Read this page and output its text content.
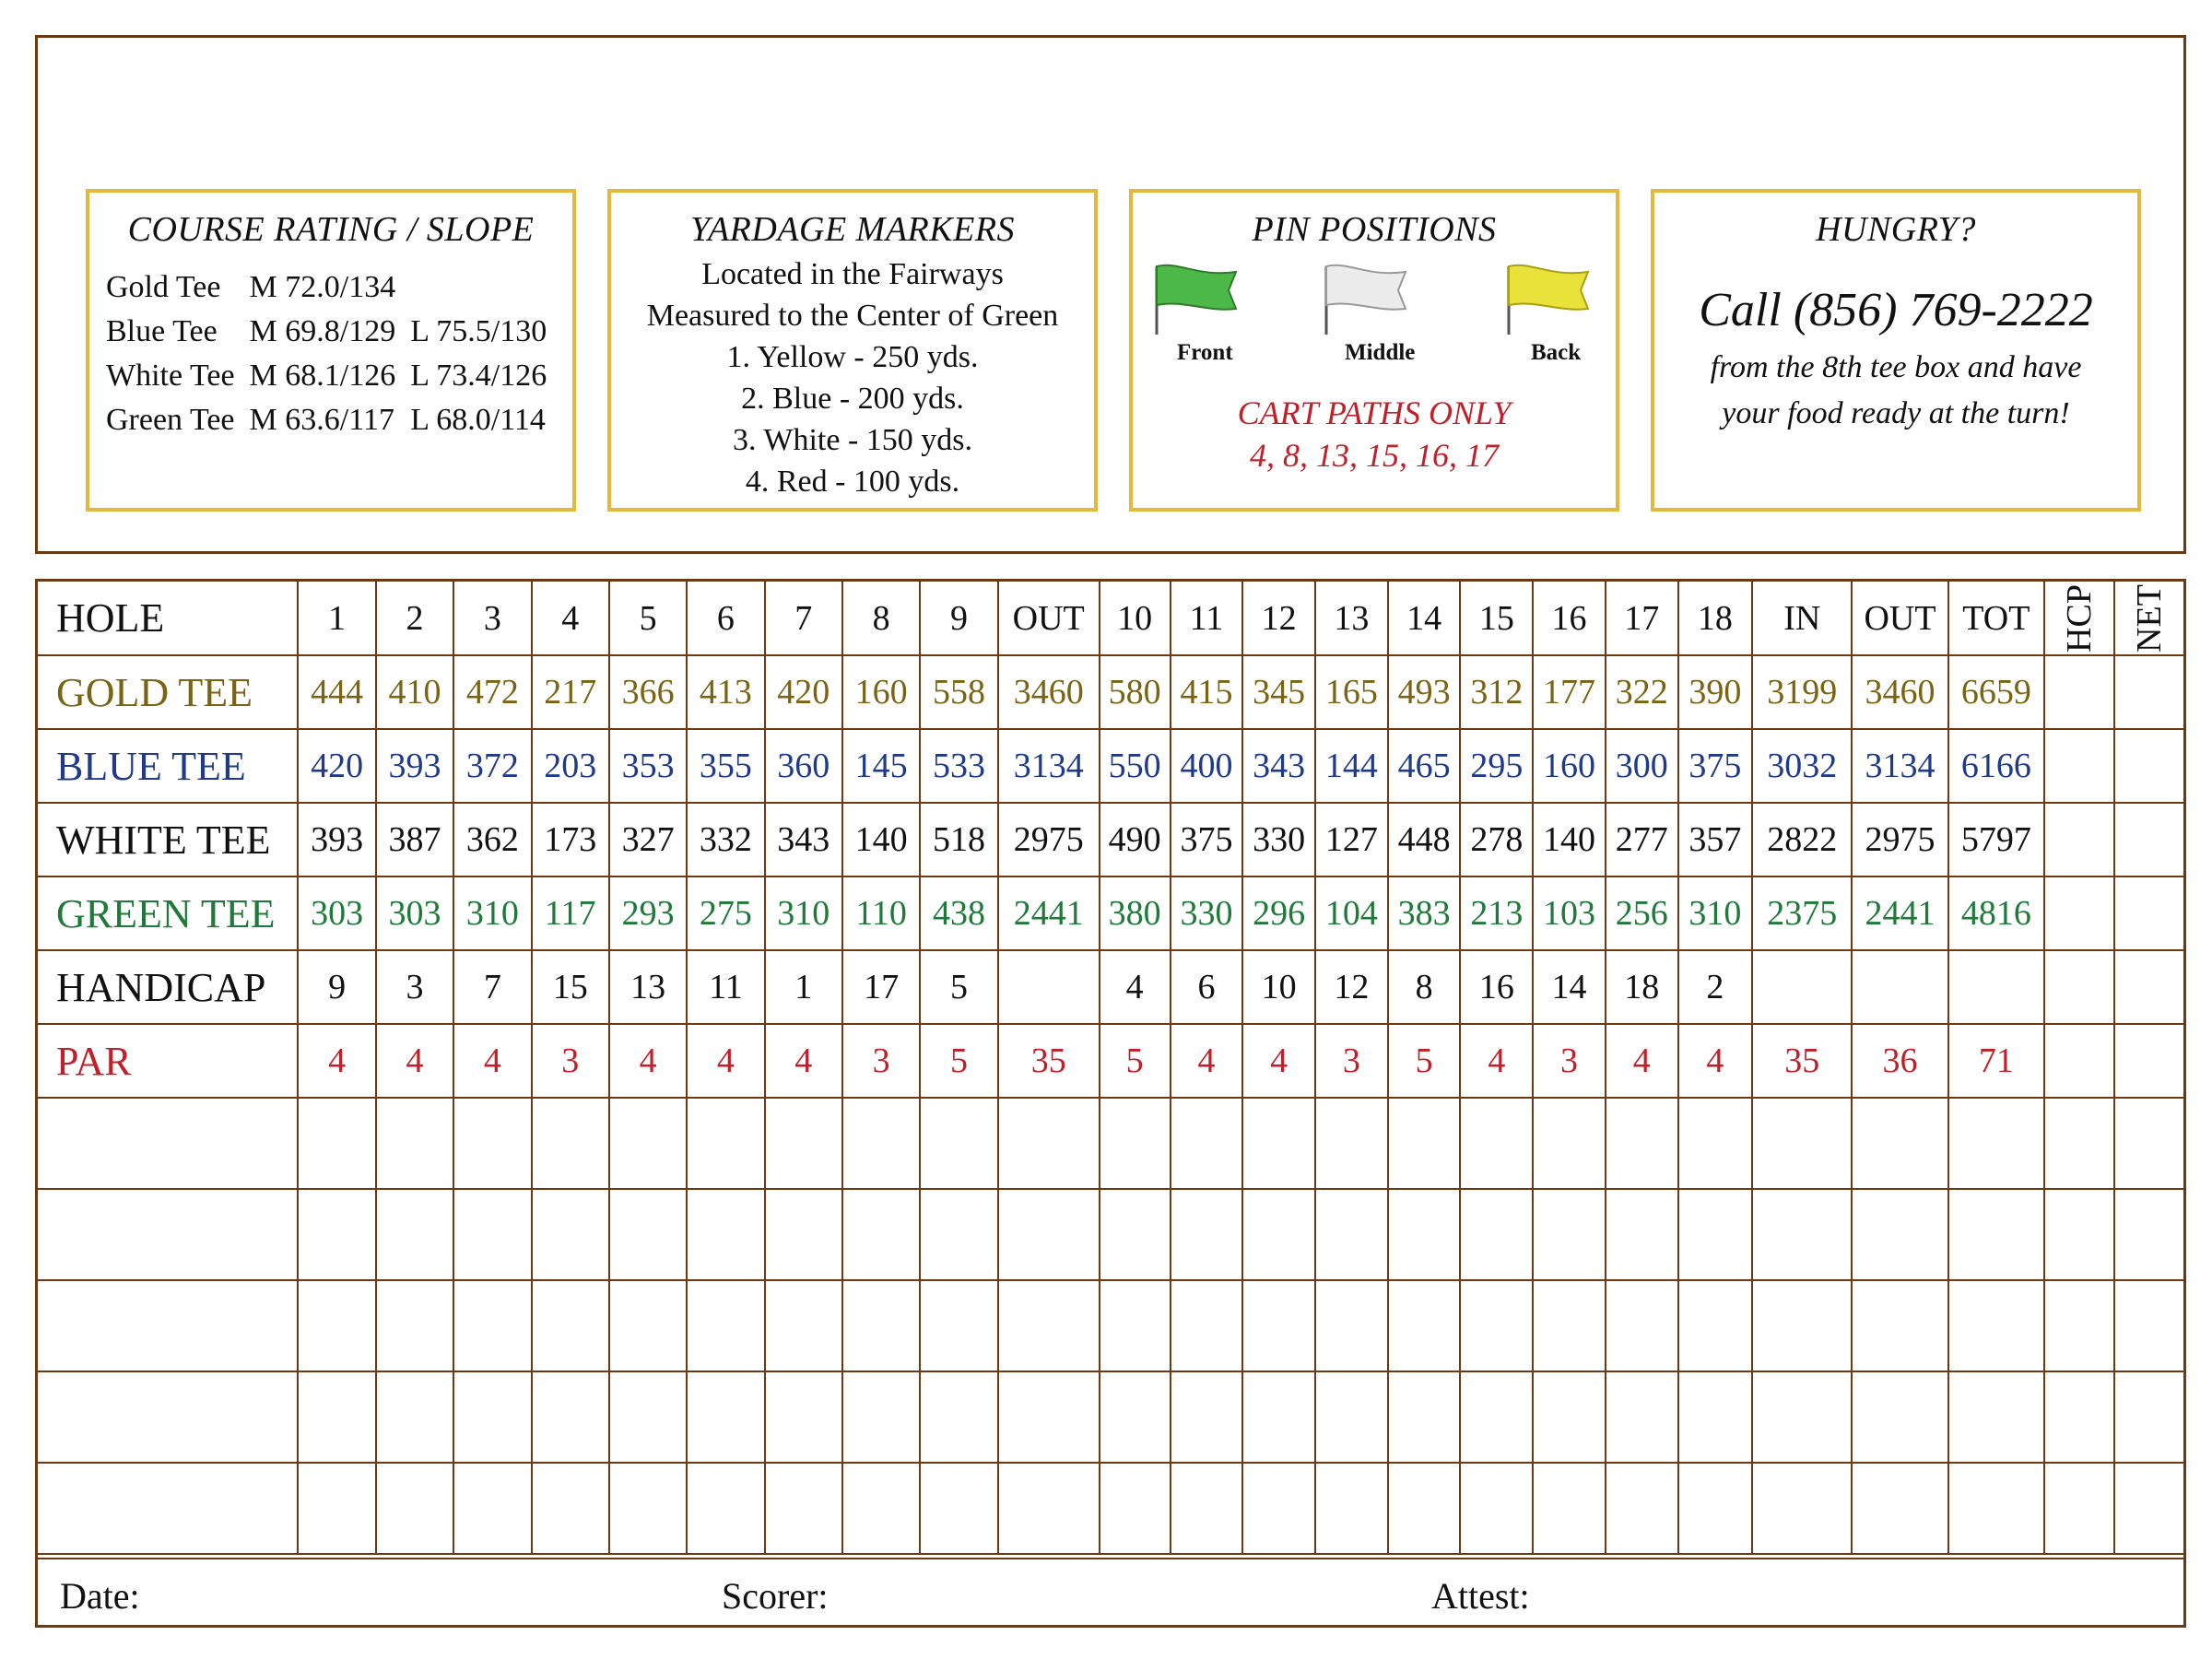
COURSE RATING / SLOPE
Gold Tee	M 72.0/134	
Blue Tee	M 69.8/129	L 75.5/130
White Tee	M 68.1/126	L 73.4/126
Green Tee	M 63.6/117	L 68.0/114
YARDAGE MARKERS
Located in the Fairways
Measured to the Center of Green
1. Yellow - 250 yds.
2. Blue - 200 yds.
3. White - 150 yds.
4. Red - 100 yds.
PIN POSITIONS
Front	Middle	Back
CART PATHS ONLY
4, 8, 13, 15, 16, 17
HUNGRY?
Call (856) 769-2222
from the 8th tee box and have
your food ready at the turn!
HOLE	1	2	3	4	5	6	7	8	9	OUT	10	11	12	13	14	15	16	17	18	IN	OUT	TOT	HCP	NET
GOLD TEE	444	410	472	217	366	413	420	160	558	3460	580	415	345	165	493	312	177	322	390	3199	3460	6659		
BLUE TEE	420	393	372	203	353	355	360	145	533	3134	550	400	343	144	465	295	160	300	375	3032	3134	6166		
WHITE TEE	393	387	362	173	327	332	343	140	518	2975	490	375	330	127	448	278	140	277	357	2822	2975	5797		
GREEN TEE	303	303	310	117	293	275	310	110	438	2441	380	330	296	104	383	213	103	256	310	2375	2441	4816		
HANDICAP	9	3	7	15	13	11	1	17	5		4	6	10	12	8	16	14	18	2					
PAR	4	4	4	3	4	4	4	3	5	35	5	4	4	3	5	4	3	4	4	35	36	71		

Date:	Scorer:	Attest:
